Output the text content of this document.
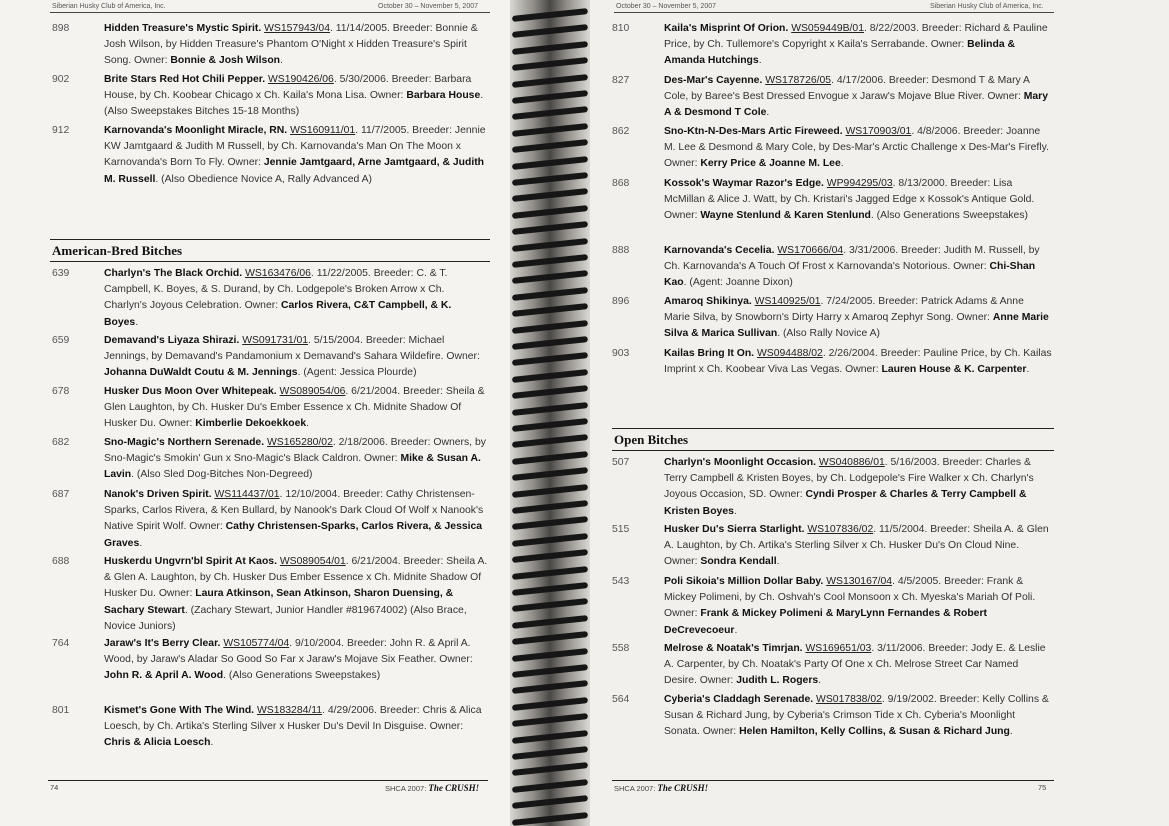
Siberian Husky Club of America, Inc.	October 30 – November 5, 2007
898	Hidden Treasure's Mystic Spirit. WS157943/04. 11/14/2005. Breeder: Bonnie & Josh Wilson, by Hidden Treasure's Phantom O'Night x Hidden Treasure's Spirit Song. Owner: Bonnie & Josh Wilson.
902	Brite Stars Red Hot Chili Pepper. WS190426/06. 5/30/2006. Breeder: Barbara House, by Ch. Koobear Chicago x Ch. Kaila's Mona Lisa. Owner: Barbara House. (Also Sweepstakes Bitches 15-18 Months)
912	Karnovanda's Moonlight Miracle, RN. WS160911/01. 11/7/2005. Breeder: Jennie KW Jamtgaard & Judith M Russell, by Ch. Karnovanda's Man On The Moon x Karnovanda's Born To Fly. Owner: Jennie Jamtgaard, Arne Jamtgaard, & Judith M. Russell. (Also Obedience Novice A, Rally Advanced A)
American-Bred Bitches
639	Charlyn's The Black Orchid. WS163476/06. 11/22/2005. Breeder: C. & T. Campbell, K. Boyes, & S. Durand, by Ch. Lodgepole's Broken Arrow x Ch. Charlyn's Joyous Celebration. Owner: Carlos Rivera, C&T Campbell, & K. Boyes.
659	Demavand's Liyaza Shirazi. WS091731/01. 5/15/2004. Breeder: Michael Jennings, by Demavand's Pandamonium x Demavand's Sahara Wildefire. Owner: Johanna DuWaldt Coutu & M. Jennings. (Agent: Jessica Plourde)
678	Husker Dus Moon Over Whitepeak. WS089054/06. 6/21/2004. Breeder: Sheila & Glen Laughton, by Ch. Husker Du's Ember Essence x Ch. Midnite Shadow Of Husker Du. Owner: Kimberlie Dekoekkoek.
682	Sno-Magic's Northern Serenade. WS165280/02. 2/18/2006. Breeder: Owners, by Sno-Magic's Smokin' Gun x Sno-Magic's Black Caldron. Owner: Mike & Susan A. Lavin. (Also Sled Dog-Bitches Non-Degreed)
687	Nanok's Driven Spirit. WS114437/01. 12/10/2004. Breeder: Cathy Christensen-Sparks, Carlos Rivera, & Ken Bullard, by Nanook's Dark Cloud Of Wolf x Nanook's Native Spirit Wolf. Owner: Cathy Christensen-Sparks, Carlos Rivera, & Jessica Graves.
688	Huskerdu Ungvrn'bl Spirit At Kaos. WS089054/01. 6/21/2004. Breeder: Sheila A. & Glen A. Laughton, by Ch. Husker Dus Ember Essence x Ch. Midnite Shadow Of Husker Du. Owner: Laura Atkinson, Sean Atkinson, Sharon Duensing, & Sachary Stewart. (Zachary Stewart, Junior Handler #819674002) (Also Brace, Novice Juniors)
764	Jaraw's It's Berry Clear. WS105774/04. 9/10/2004. Breeder: John R. & April A. Wood, by Jaraw's Aladar So Good So Far x Jaraw's Mojave Six Feather. Owner: John R. & April A. Wood. (Also Generations Sweepstakes)
801	Kismet's Gone With The Wind. WS183284/11. 4/29/2006. Breeder: Chris & Alica Loesch, by Ch. Artika's Sterling Silver x Husker Du's Devil In Disguise. Owner: Chris & Alicia Loesch.
74	SHCA 2007: The CRUSH!
October 30 – November 5, 2007	Siberian Husky Club of America, Inc.
810	Kaila's Misprint Of Orion. WS059449B/01. 8/22/2003. Breeder: Richard & Pauline Price, by Ch. Tullemore's Copyright x Kaila's Serrabande. Owner: Belinda & Amanda Hutchings.
827	Des-Mar's Cayenne. WS178726/05. 4/17/2006. Breeder: Desmond T & Mary A Cole, by Baree's Best Dressed Envogue x Jaraw's Mojave Blue River. Owner: Mary A & Desmond T Cole.
862	Sno-Ktn-N-Des-Mars Artic Fireweed. WS170903/01. 4/8/2006. Breeder: Joanne M. Lee & Desmond & Mary Cole, by Des-Mar's Arctic Challenge x Des-Mar's Firefly. Owner: Kerry Price & Joanne M. Lee.
868	Kossok's Waymar Razor's Edge. WP994295/03. 8/13/2000. Breeder: Lisa McMillan & Alice J. Watt, by Ch. Kristari's Jagged Edge x Kossok's Antique Gold. Owner: Wayne Stenlund & Karen Stenlund. (Also Generations Sweepstakes)
888	Karnovanda's Cecelia. WS170666/04. 3/31/2006. Breeder: Judith M. Russell, by Ch. Karnovanda's A Touch Of Frost x Karnovanda's Notorious. Owner: Chi-Shan Kao. (Agent: Joanne Dixon)
896	Amaroq Shikinya. WS140925/01. 7/24/2005. Breeder: Patrick Adams & Anne Marie Silva, by Snowborn's Dirty Harry x Amaroq Zephyr Song. Owner: Anne Marie Silva & Marica Sullivan. (Also Rally Novice A)
903	Kailas Bring It On. WS094488/02. 2/26/2004. Breeder: Pauline Price, by Ch. Kailas Imprint x Ch. Koobear Viva Las Vegas. Owner: Lauren House & K. Carpenter.
Open Bitches
507	Charlyn's Moonlight Occasion. WS040886/01. 5/16/2003. Breeder: Charles & Terry Campbell & Kristen Boyes, by Ch. Lodgepole's Fire Walker x Ch. Charlyn's Joyous Occasion, SD. Owner: Cyndi Prosper & Charles & Terry Campbell & Kristen Boyes.
515	Husker Du's Sierra Starlight. WS107836/02. 11/5/2004. Breeder: Sheila A. & Glen A. Laughton, by Ch. Artika's Sterling Silver x Ch. Husker Du's On Cloud Nine. Owner: Sondra Kendall.
543	Poli Sikoia's Million Dollar Baby. WS130167/04. 4/5/2005. Breeder: Frank & Mickey Polimeni, by Ch. Oshvah's Cool Monsoon x Ch. Myeska's Mariah Of Poli. Owner: Frank & Mickey Polimeni & MaryLynn Fernandes & Robert DeCrevecoeur.
558	Melrose & Noatak's Timrjan. WS169651/03. 3/11/2006. Breeder: Jody E. & Leslie A. Carpenter, by Ch. Noatak's Party Of One x Ch. Melrose Street Car Named Desire. Owner: Judith L. Rogers.
564	Cyberia's Claddagh Serenade. WS017838/02. 9/19/2002. Breeder: Kelly Collins & Susan & Richard Jung, by Cyberia's Crimson Tide x Ch. Cyberia's Moonlight Sonata. Owner: Helen Hamilton, Kelly Collins, & Susan & Richard Jung.
SHCA 2007: The CRUSH!	75
